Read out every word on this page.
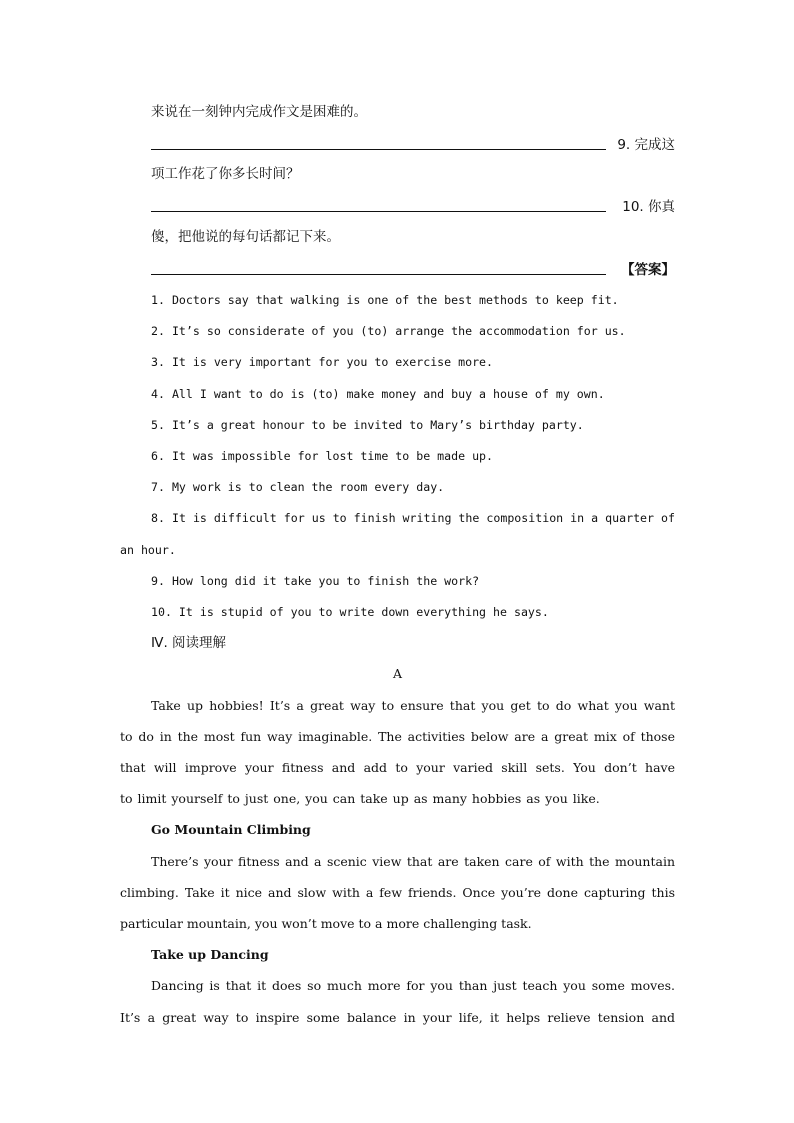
来说在一刻钟内完成作文是困难的。
9. 完成这
项工作花了你多长时间？
10. 你真
傻，把他说的每句话都记下来。
【答案】
1. Doctors say that walking is one of the best methods to keep fit.
2. It’s so considerate of you (to) arrange the accommodation for us.
3. It is very important for you to exercise more.
4. All I want to do is (to) make money and buy a house of my own.
5. It’s a great honour to be invited to Mary’s birthday party.
6. It was impossible for lost time to be made up.
7. My work is to clean the room every day.
8. It is difficult for us to finish writing the composition in a quarter of
an hour.
9. How long did it take you to finish the work?
10. It is stupid of you to write down everything he says.
Ⅳ. 阅读理解
A
Take up hobbies! It’s a great way to ensure that you get to do what you want
to do in the most fun way imaginable. The activities below are a great mix of those
that will improve your fitness and add to your varied skill sets. You don’t have
to limit yourself to just one, you can take up as many hobbies as you like.
Go Mountain Climbing
There’s your fitness and a scenic view that are taken care of with the mountain
climbing. Take it nice and slow with a few friends. Once you’re done capturing this
particular mountain, you won’t move to a more challenging task.
Take up Dancing
Dancing is that it does so much more for you than just teach you some moves.
It’s a great way to inspire some balance in your life, it helps relieve tension and
